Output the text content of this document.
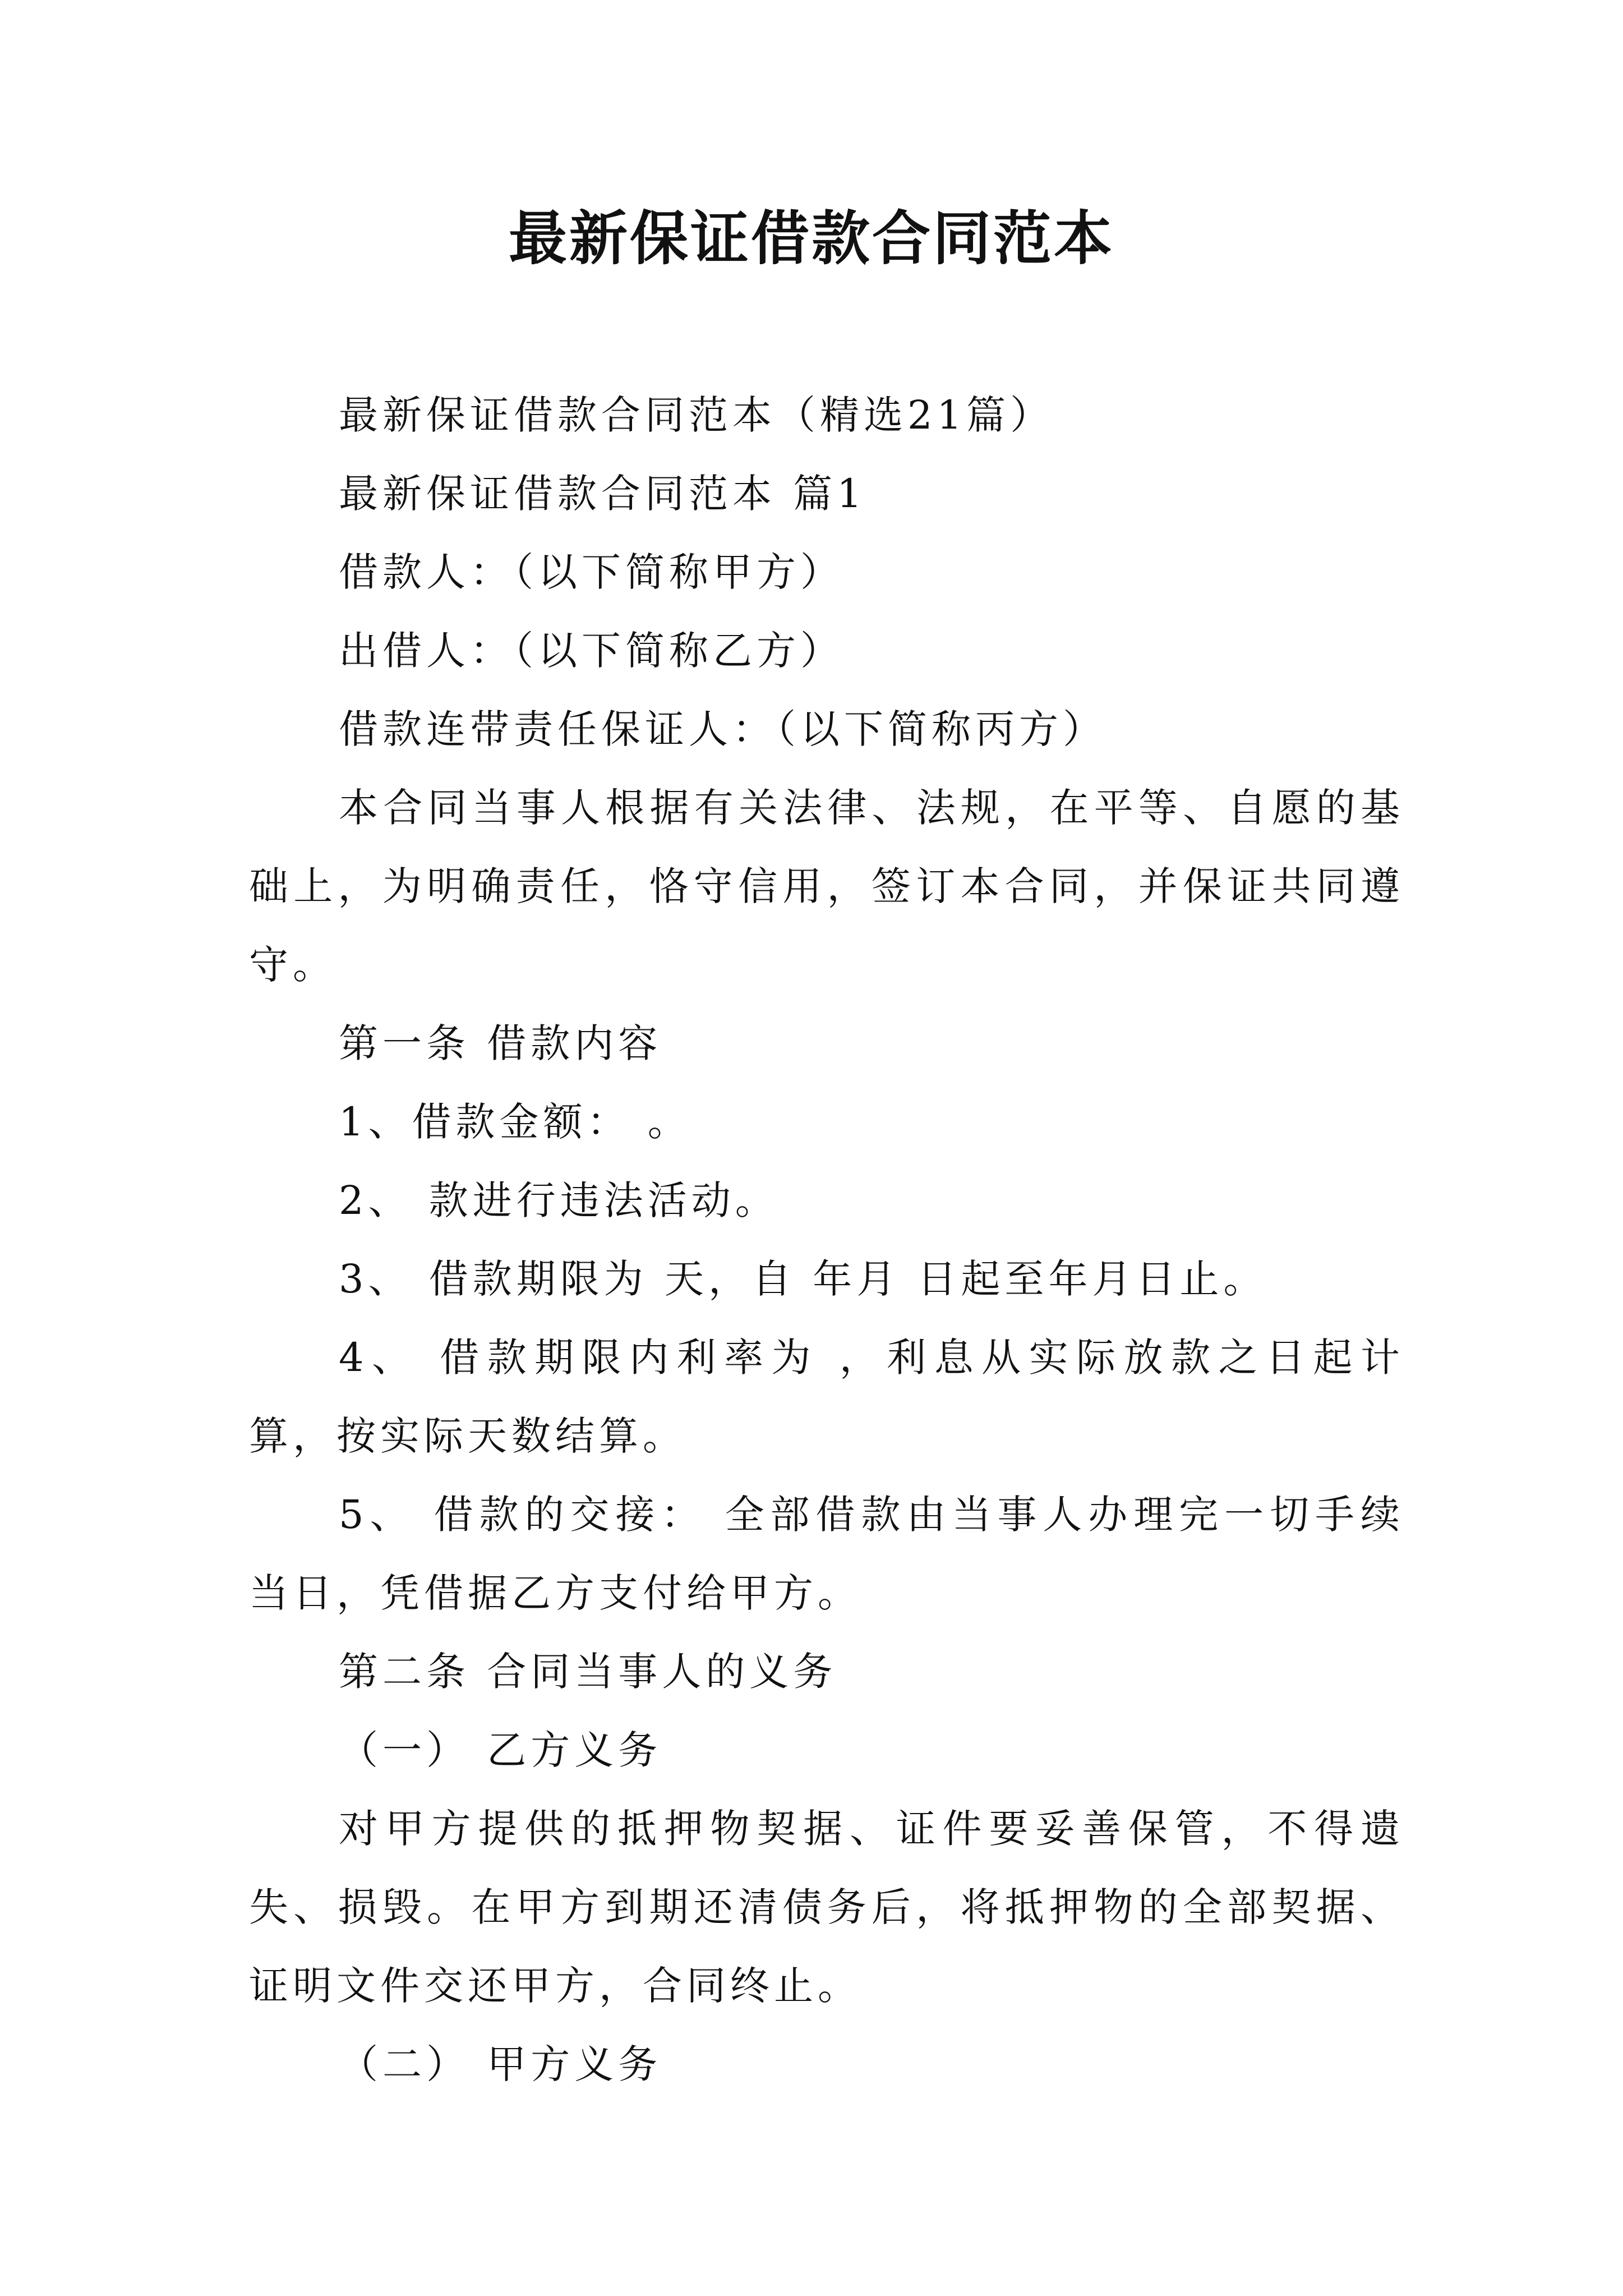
最新保证借款合同范本

最新保证借款合同范本（精选21篇）

最新保证借款合同范本 篇1

借款人：（以下简称甲方）

出借人：（以下简称乙方）

借款连带责任保证人：（以下简称丙方）

本合同当事人根据有关法律、法规，在平等、自愿的基础上，为明确责任，恪守信用，签订本合同，并保证共同遵守。

第一条 借款内容

1、借款金额： 。

2、 款进行违法活动。

3、 借款期限为 天，自 年月 日起至年月日止。

4、 借款期限内利率为 ，利息从实际放款之日起计算，按实际天数结算。

5、 借款的交接： 全部借款由当事人办理完一切手续当日，凭借据乙方支付给甲方。

第二条 合同当事人的义务

（一） 乙方义务

对甲方提供的抵押物契据、证件要妥善保管，不得遗失、损毁。在甲方到期还清债务后，将抵押物的全部契据、证明文件交还甲方，合同终止。

（二） 甲方义务
